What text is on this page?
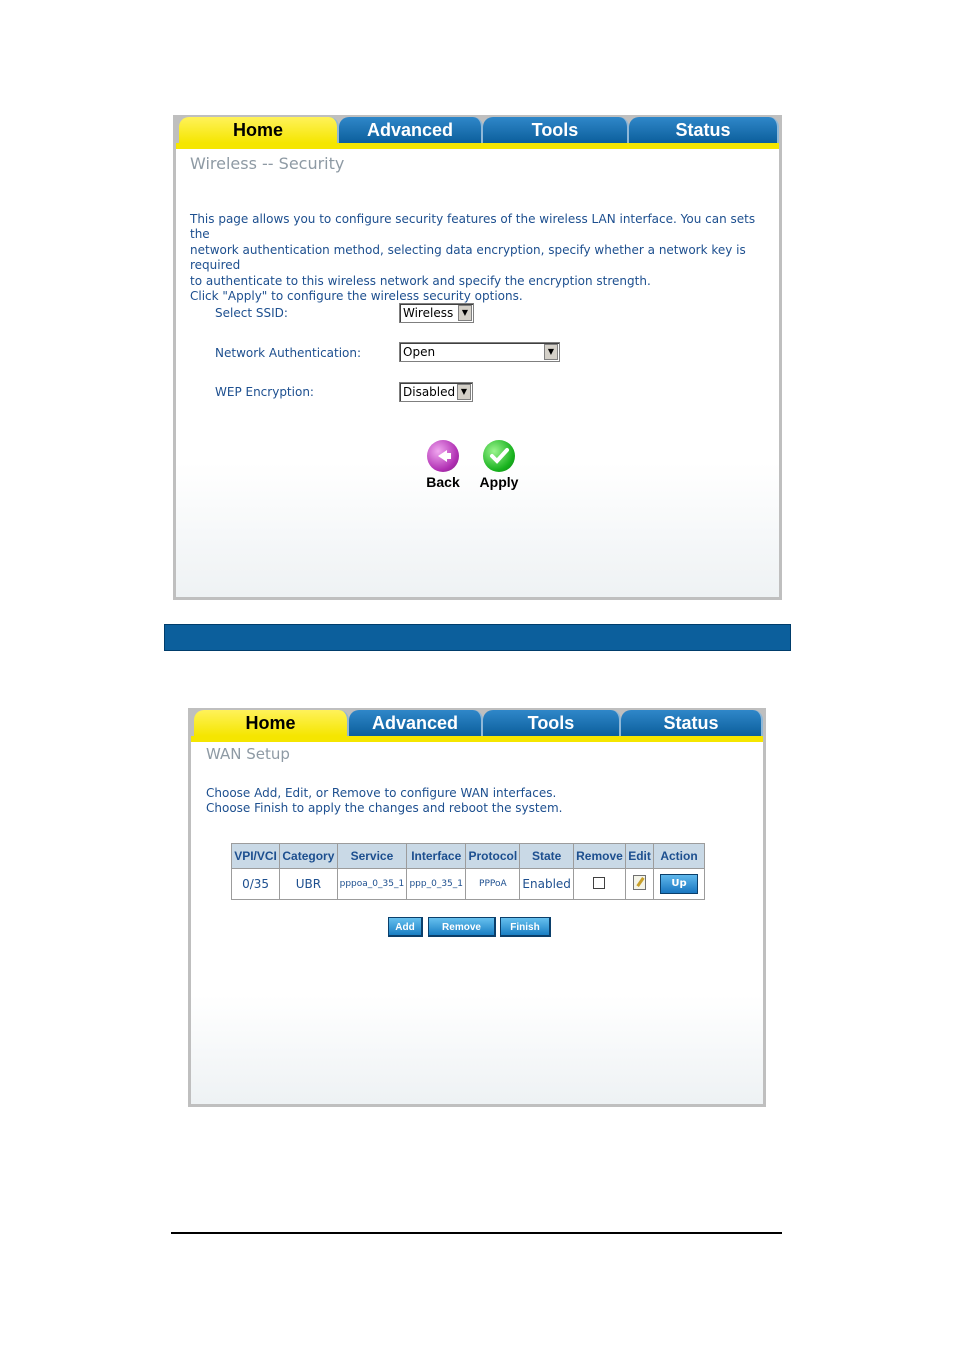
Home	Advanced	Tools	Status
Wireless -- Security
This page allows you to configure security features of the wireless LAN interface. You can sets the
network authentication method, selecting data encryption, specify whether a network key is required
to authenticate to this wireless network and specify the encryption strength.
Click "Apply" to configure the wireless security options.
Select SSID:	Wireless	▼
Network Authentication:	Open	▼
WEP Encryption:	Disabled ▼
Back	Apply
Home	Advanced	Tools	Status
WAN Setup
Choose Add, Edit, or Remove to configure WAN interfaces.
Choose Finish to apply the changes and reboot the system.
VPI/VCI	Category	Service	Interface	Protocol	State	Remove	Edit	Action
0/35	UBR	pppoa_0_35_1	ppp_0_35_1	PPPoA	Enabled			Up
Add	Remove	Finish
